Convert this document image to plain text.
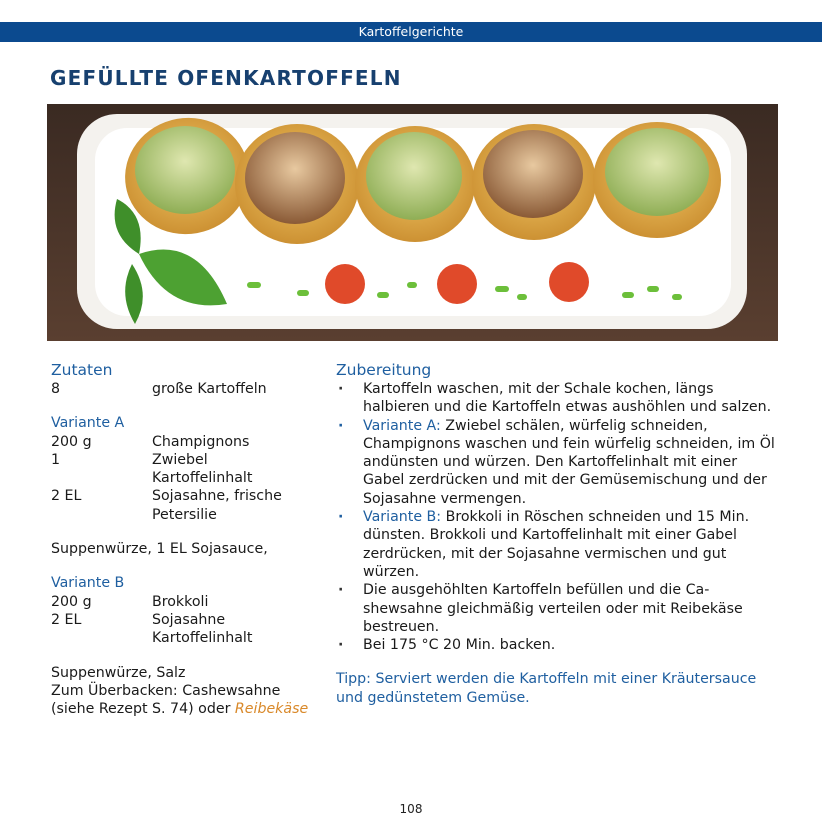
Kartoffelgerichte
GEFÜLLTE OFENKARTOFFELN
Zutaten
8	große Kartoffeln
Variante A
200 g	Champignons
1	Zwiebel Kartoffelinhalt
2 EL	Sojasahne, frische Petersilie
Suppenwürze, 1 EL Sojasauce,
Variante B
200 g	Brokkoli
2 EL	Sojasahne Kartoffelinhalt
Suppenwürze, Salz
Zum Überbacken: Cashewsahne (siehe Rezept S. 74) oder Reibekäse
Zubereitung
· Kartoffeln waschen, mit der Schale kochen, längs halbieren und die Kartoffeln etwas aushöhlen und salzen.
· Variante A: Zwiebel schälen, würfelig schneiden, Champignons waschen und fein würfelig schneiden, im Öl andünsten und würzen. Den Kartoffelinhalt mit einer Gabel zerdrücken und mit der Gemüsemischung und der Sojasahne vermengen.
· Variante B: Brokkoli in Röschen schneiden und 15 Min. dünsten. Brokkoli und Kartoffelinhalt mit einer Gabel zerdrücken, mit der Sojasahne vermischen und gut würzen.
· Die ausgehöhlten Kartoffeln befüllen und die Cashewsahne gleichmäßig verteilen oder mit Reibekäse bestreuen.
· Bei 175 °C 20 Min. backen.
Tipp: Serviert werden die Kartoffeln mit einer Kräutersauce und gedünstetem Gemüse.
108
